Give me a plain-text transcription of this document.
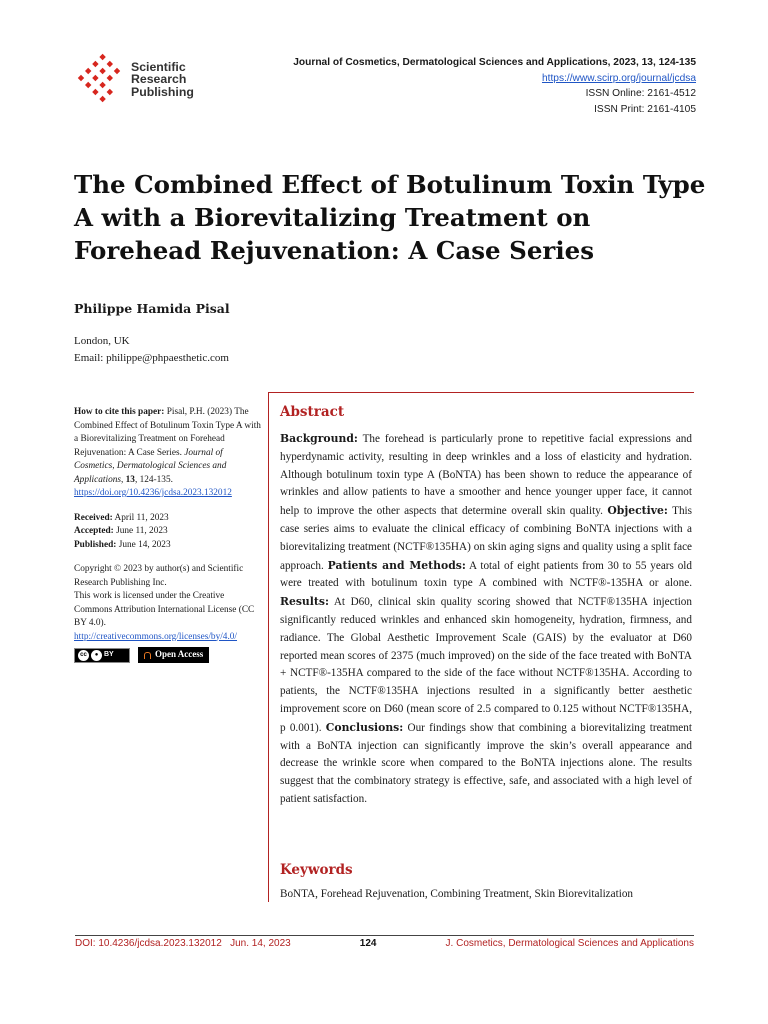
Scientific
Research
Publishing
Journal of Cosmetics, Dermatological Sciences and Applications, 2023, 13, 124-135
https://www.scirp.org/journal/jcdsa
ISSN Online: 2161-4512
ISSN Print: 2161-4105
The Combined Effect of Botulinum Toxin Type A with a Biorevitalizing Treatment on Forehead Rejuvenation: A Case Series
Philippe Hamida Pisal
London, UK
Email: philippe@phpaesthetic.com
How to cite this paper: Pisal, P.H. (2023) The Combined Effect of Botulinum Toxin Type A with a Biorevitalizing Treatment on Forehead Rejuvenation: A Case Series. Journal of Cosmetics, Dermatological Sciences and Applications, 13, 124-135.
https://doi.org/10.4236/jcdsa.2023.132012
Received: April 11, 2023
Accepted: June 11, 2023
Published: June 14, 2023
Copyright © 2023 by author(s) and Scientific Research Publishing Inc.
This work is licensed under the Creative Commons Attribution International License (CC BY 4.0).
http://creativecommons.org/licenses/by/4.0/
cc	● BY	Open Access
Abstract
Background: The forehead is particularly prone to repetitive facial expressions and hyperdynamic activity, resulting in deep wrinkles and a loss of elasticity and hydration. Although botulinum toxin type A (BoNTA) has been shown to reduce the appearance of wrinkles and allow patients to have a smoother and hence younger upper face, it cannot help to improve the other aspects that determine overall skin quality. Objective: This case series aims to evaluate the clinical efficacy of combining BoNTA injections with a biorevitalizing treatment (NCTF®135HA) on skin aging signs and quality using a split face approach. Patients and Methods: A total of eight patients from 30 to 55 years old were treated with botulinum toxin type A combined with NCTF®-135HA or alone. Results: At D60, clinical skin quality scoring showed that NCTF®135HA injection significantly reduced wrinkles and enhanced skin homogeneity, hydration, firmness, and radiance. The Global Aesthetic Improvement Scale (GAIS) by the evaluator at D60 reported mean scores of 2375 (much improved) on the side of the face treated with BoNTA + NCTF®-135HA compared to the side of the face without NCTF®135HA. According to patients, the NCTF®135HA injections resulted in a significantly better aesthetic improvement score on D60 (mean score of 2.5 compared to 0.125 without NCTF®135HA, p 0.001). Conclusions: Our findings show that combining a biorevitalizing treatment with a BoNTA injection can significantly improve the skin’s overall appearance and decrease the wrinkle score when compared to the BoNTA injections alone. The results suggest that the combinatory strategy is effective, safe, and associated with a high level of patient satisfaction.
Keywords
BoNTA, Forehead Rejuvenation, Combining Treatment, Skin Biorevitalization
DOI: 10.4236/jcdsa.2023.132012 Jun. 14, 2023	124	J. Cosmetics, Dermatological Sciences and Applications
